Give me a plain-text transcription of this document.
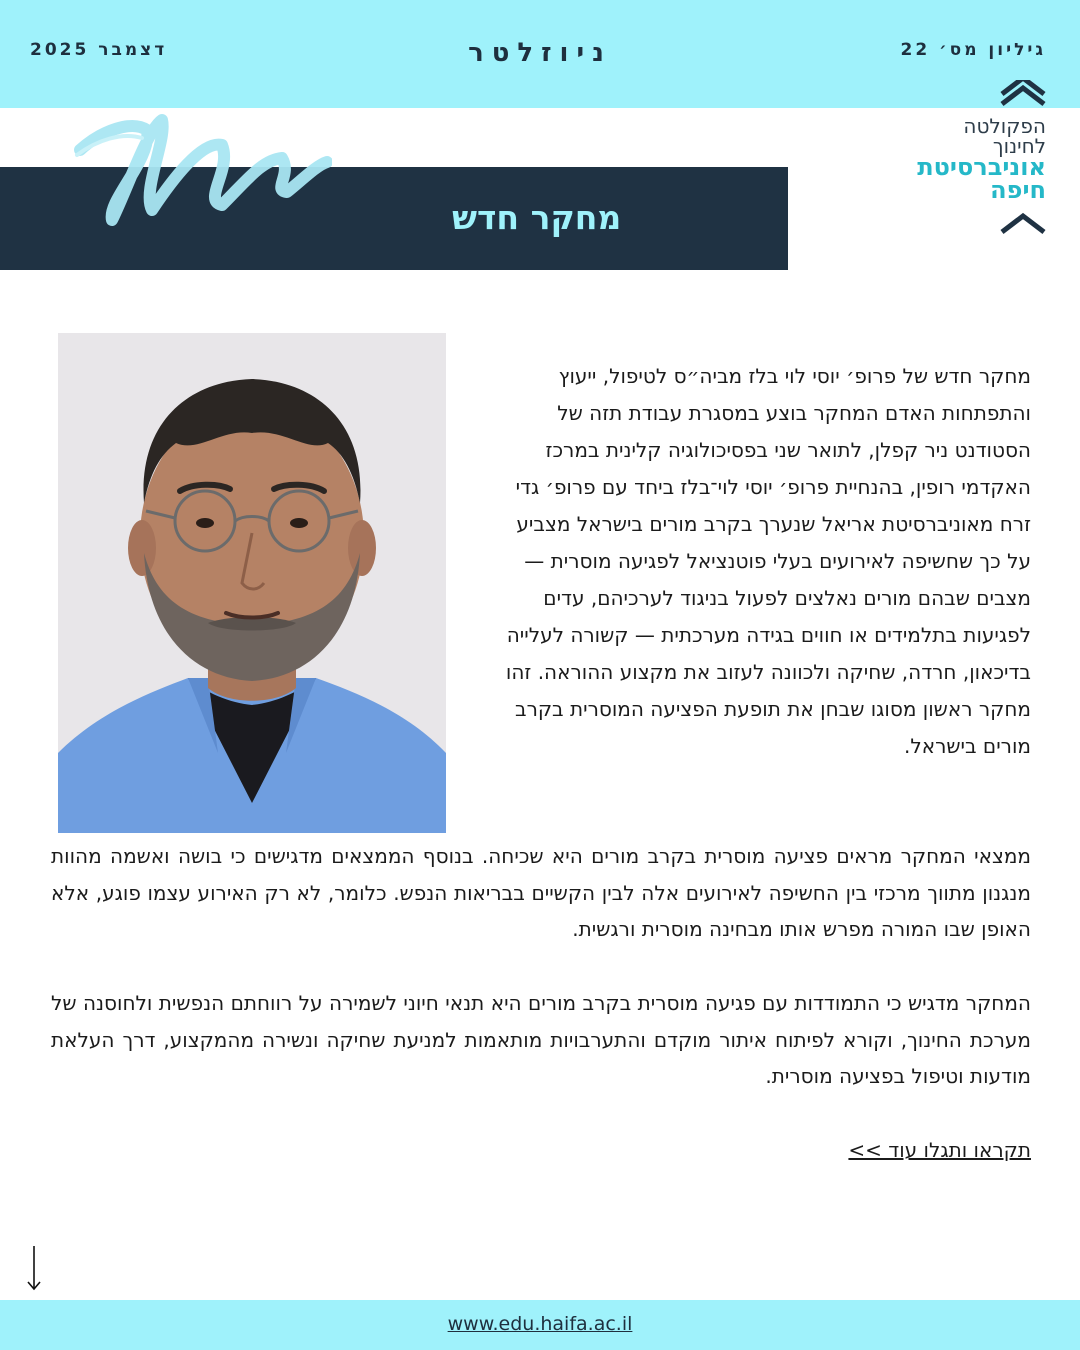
דצמבר 2025	ניוזלטר	גיליון מס׳ 22
מחקר חדש
הפקולטה
לחינוך
אוניברסיטת
חיפה
מחקר חדש של פרופ׳ יוסי לוי בלז מביה״ס לטיפול, ייעוץ והתפתחות האדם המחקר בוצע במסגרת עבודת תזה של הסטודנט ניר קפלן, לתואר שני בפסיכולוגיה קלינית במרכז האקדמי רופין, בהנחיית פרופ׳ יוסי לוי־בלז ביחד עם פרופ׳ גדי זרח מאוניברסיטת אריאל שנערך בקרב מורים בישראל מצביע על כך שחשיפה לאירועים בעלי פוטנציאל לפגיעה מוסרית — מצבים שבהם מורים נאלצים לפעול בניגוד לערכיהם, עדים לפגיעות בתלמידים או חווים בגידה מערכתית — קשורה לעלייה בדיכאון, חרדה, שחיקה ולכוונה לעזוב את מקצוע ההוראה. זהו מחקר ראשון מסוגו שבחן את תופעת הפציעה המוסרית בקרב מורים בישראל.
ממצאי המחקר מראים פציעה מוסרית בקרב מורים היא שכיחה. בנוסף הממצאים מדגישים כי בושה ואשמה מהוות מנגנון מתווך מרכזי בין החשיפה לאירועים אלה לבין הקשיים בבריאות הנפש. כלומר, לא רק האירוע עצמו פוגע, אלא האופן שבו המורה מפרש אותו מבחינה מוסרית ורגשית.
המחקר מדגיש כי התמודדות עם פגיעה מוסרית בקרב מורים היא תנאי חיוני לשמירה על רווחתם הנפשית ולחוסנה של מערכת החינוך, וקורא לפיתוח איתור מוקדם והתערבויות מותאמות למניעת שחיקה ונשירה מהמקצוע, דרך העלאת מודעות וטיפול בפציעה מוסרית.
תקראו ותגלו עוד >>
www.edu.haifa.ac.il
